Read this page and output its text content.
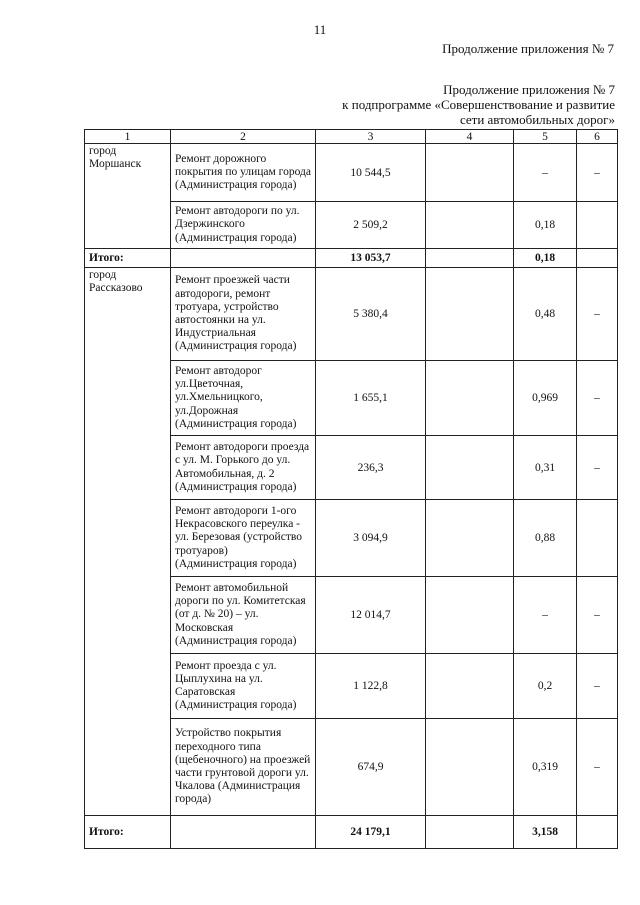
11
Продолжение приложения № 7
Продолжение приложения № 7
к подпрограмме «Совершенствование и развитие
сети автомобильных дорог»
1	2	3	4	5	6
город Моршанск	Ремонт дорожного покрытия по улицам города (Администрация города)	10 544,5		–	–
	Ремонт автодороги по ул. Дзержинского (Администрация города)	2 509,2		0,18	
Итого:		13 053,7		0,18	
город Рассказово	Ремонт проезжей части автодороги, ремонт тротуара, устройство автостоянки на ул. Индустриальная (Администрация города)	5 380,4		0,48	–
	Ремонт автодорог ул.Цветочная, ул.Хмельницкого, ул.Дорожная (Администрация города)	1 655,1		0,969	–
	Ремонт автодороги проезда с ул. М. Горького до ул. Автомобильная, д. 2 (Администрация города)	236,3		0,31	–
	Ремонт автодороги 1-ого Некрасовского переулка - ул. Березовая (устройство тротуаров) (Администрация города)	3 094,9		0,88	
	Ремонт автомобильной дороги по ул. Комитетская (от д. № 20) – ул. Московская (Администрация города)	12 014,7		–	–
	Ремонт проезда с ул. Цыплухина на ул. Саратовская (Администрация города)	1 122,8		0,2	–
	Устройство покрытия переходного типа (щебеночного) на проезжей части грунтовой дороги ул. Чкалова (Администрация города)	674,9		0,319	–
Итого:		24 179,1		3,158	
